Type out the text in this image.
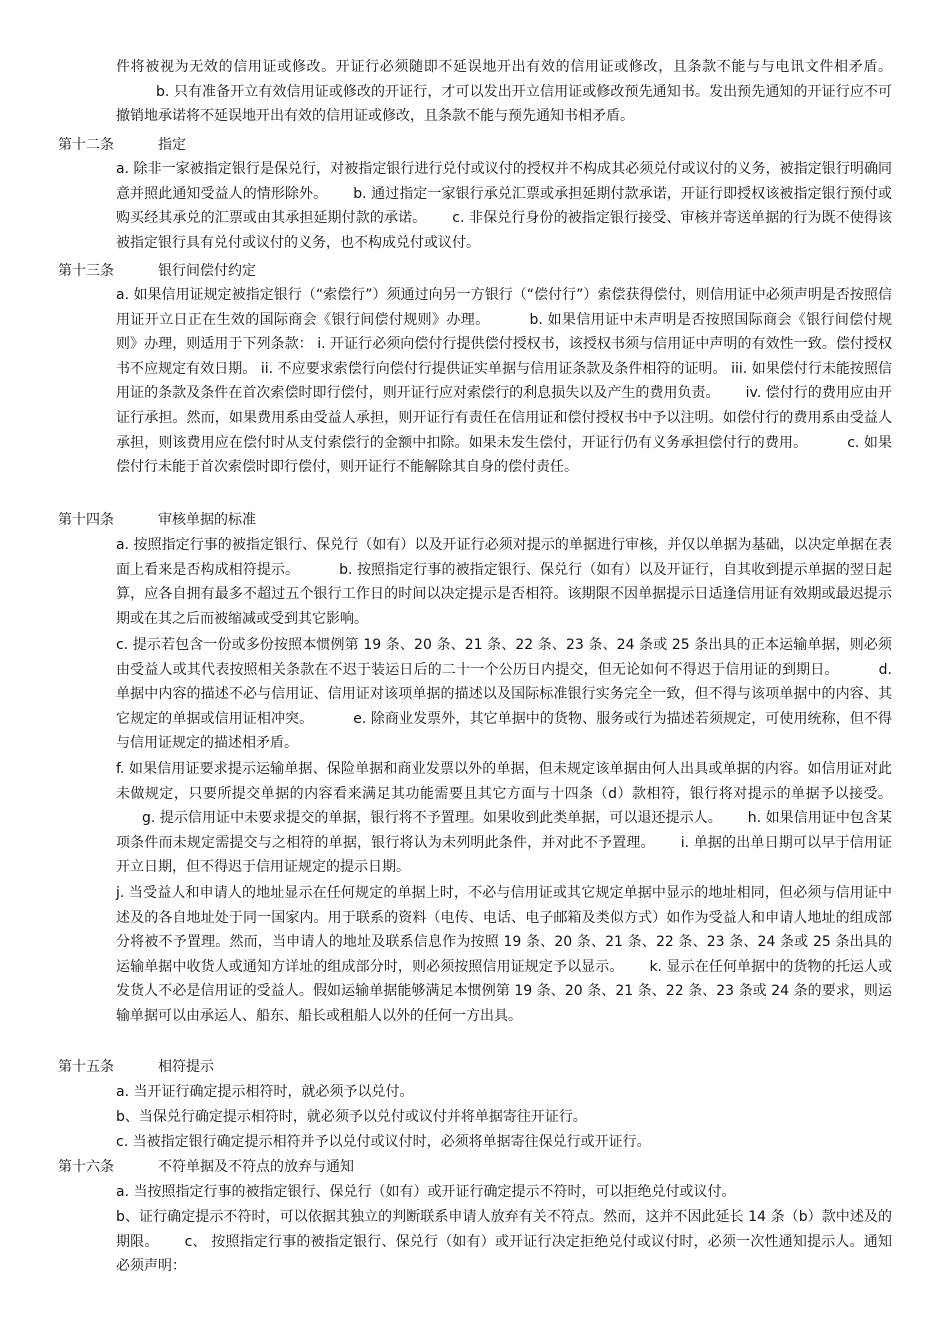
件将被视为无效的信用证或修改。开证行必须随即不延误地开出有效的信用证或修改，且条款不能与与电讯文件相矛盾。b. 只有准备开立有效信用证或修改的开证行，才可以发出开立信用证或修改预先通知书。发出预先通知的开证行应不可撤销地承诺将不延误地开出有效的信用证或修改，且条款不能与预先通知书相矛盾。
第十二条	指定
a. 除非一家被指定银行是保兑行，对被指定银行进行兑付或议付的授权并不构成其必须兑付或议付的义务，被指定银行明确同意并照此通知受益人的情形除外。 b. 通过指定一家银行承兑汇票或承担延期付款承诺，开证行即授权该被指定银行预付或购买经其承兑的汇票或由其承担延期付款的承诺。 c. 非保兑行身份的被指定银行接受、审核并寄送单据的行为既不使得该被指定银行具有兑付或议付的义务，也不构成兑付或议付。
第十三条	银行间偿付约定
a. 如果信用证规定被指定银行（“索偿行”）须通过向另一方银行（“偿付行”）索偿获得偿付，则信用证中必须声明是否按照信用证开立日正在生效的国际商会《银行间偿付规则》办理。	b. 如果信用证中未声明是否按照国际商会《银行间偿付规则》办理，则适用于下列条款： i. 开证行必须向偿付行提供偿付授权书，该授权书须与信用证中声明的有效性一致。偿付授权书不应规定有效日期。 ii. 不应要求索偿行向偿付行提供证实单据与信用证条款及条件相符的证明。 iii. 如果偿付行未能按照信用证的条款及条件在首次索偿时即行偿付，则开证行应对索偿行的利息损失以及产生的费用负责。 iv. 偿付行的费用应由开证行承担。然而，如果费用系由受益人承担，则开证行有责任在信用证和偿付授权书中予以注明。如偿付行的费用系由受益人承担，则该费用应在偿付时从支付索偿行的金额中扣除。如果未发生偿付，开证行仍有义务承担偿付行的费用。	c. 如果偿付行未能于首次索偿时即行偿付，则开证行不能解除其自身的偿付责任。
第十四条	审核单据的标准
a. 按照指定行事的被指定银行、保兑行（如有）以及开证行必须对提示的单据进行审核，并仅以单据为基础，以决定单据在表面上看来是否构成相符提示。	b. 按照指定行事的被指定银行、保兑行（如有）以及开证行，自其收到提示单据的翌日起算，应各自拥有最多不超过五个银行工作日的时间以决定提示是否相符。该期限不因单据提示日适逢信用证有效期或最迟提示期或在其之后而被缩减或受到其它影响。
c. 提示若包含一份或多份按照本惯例第 19 条、20 条、21 条、22 条、23 条、24 条或 25 条出具的正本运输单据，则必须由受益人或其代表按照相关条款在不迟于装运日后的二十一个公历日内提交，但无论如何不得迟于信用证的到期日。	d. 单据中内容的描述不必与信用证、信用证对该项单据的描述以及国际标准银行实务完全一致，但不得与该项单据中的内容、其它规定的单据或信用证相冲突。	e. 除商业发票外，其它单据中的货物、服务或行为描述若须规定，可使用统称，但不得与信用证规定的描述相矛盾。
f. 如果信用证要求提示运输单据、保险单据和商业发票以外的单据，但未规定该单据由何人出具或单据的内容。如信用证对此未做规定，只要所提交单据的内容看来满足其功能需要且其它方面与十四条（d）款相符，银行将对提示的单据予以接受。g. 提示信用证中未要求提交的单据，银行将不予置理。如果收到此类单据，可以退还提示人。 h. 如果信用证中包含某项条件而未规定需提交与之相符的单据，银行将认为未列明此条件，并对此不予置理。 i. 单据的出单日期可以早于信用证开立日期，但不得迟于信用证规定的提示日期。
j. 当受益人和申请人的地址显示在任何规定的单据上时，不必与信用证或其它规定单据中显示的地址相同，但必须与信用证中述及的各自地址处于同一国家内。用于联系的资料（电传、电话、电子邮箱及类似方式）如作为受益人和申请人地址的组成部分将被不予置理。然而，当申请人的地址及联系信息作为按照 19 条、20 条、21 条、22 条、23 条、24 条或 25 条出具的运输单据中收货人或通知方详址的组成部分时，则必须按照信用证规定予以显示。 k. 显示在任何单据中的货物的托运人或发货人不必是信用证的受益人。假如运输单据能够满足本惯例第 19 条、20 条、21 条、22 条、23 条或 24 条的要求，则运输单据可以由承运人、船东、船长或租船人以外的任何一方出具。
第十五条	相符提示
a. 当开证行确定提示相符时，就必须予以兑付。
b、当保兑行确定提示相符时，就必须予以兑付或议付并将单据寄往开证行。
c. 当被指定银行确定提示相符并予以兑付或议付时，必须将单据寄往保兑行或开证行。
第十六条	不符单据及不符点的放弃与通知
a. 当按照指定行事的被指定银行、保兑行（如有）或开证行确定提示不符时，可以拒绝兑付或议付。
b、证行确定提示不符时，可以依据其独立的判断联系申请人放弃有关不符点。然而，这并不因此延长 14 条（b）款中述及的期限。 c、 按照指定行事的被指定银行、保兑行（如有）或开证行决定拒绝兑付或议付时，必须一次性通知提示人。通知必须声明：
